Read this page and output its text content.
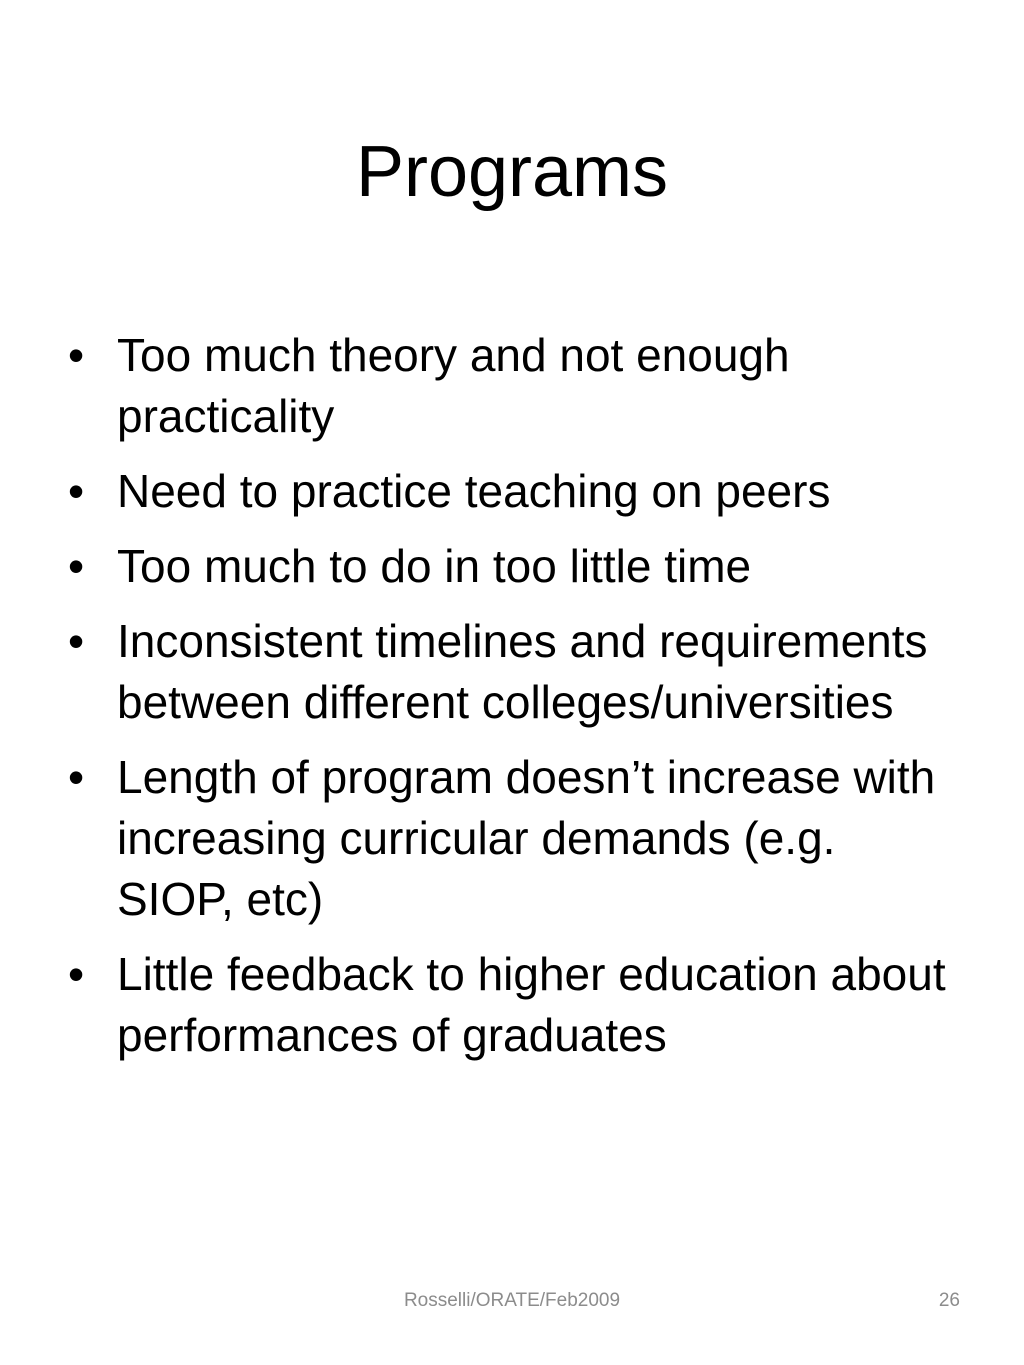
Programs
• Too much theory and not enough practicality
• Need to practice teaching on peers
• Too much to do in too little time
• Inconsistent timelines and requirements between different colleges/universities
• Length of program doesn’t increase with increasing curricular demands (e.g. SIOP, etc)
• Little feedback to higher education about performances of graduates
Rosselli/ORATE/Feb2009	26
